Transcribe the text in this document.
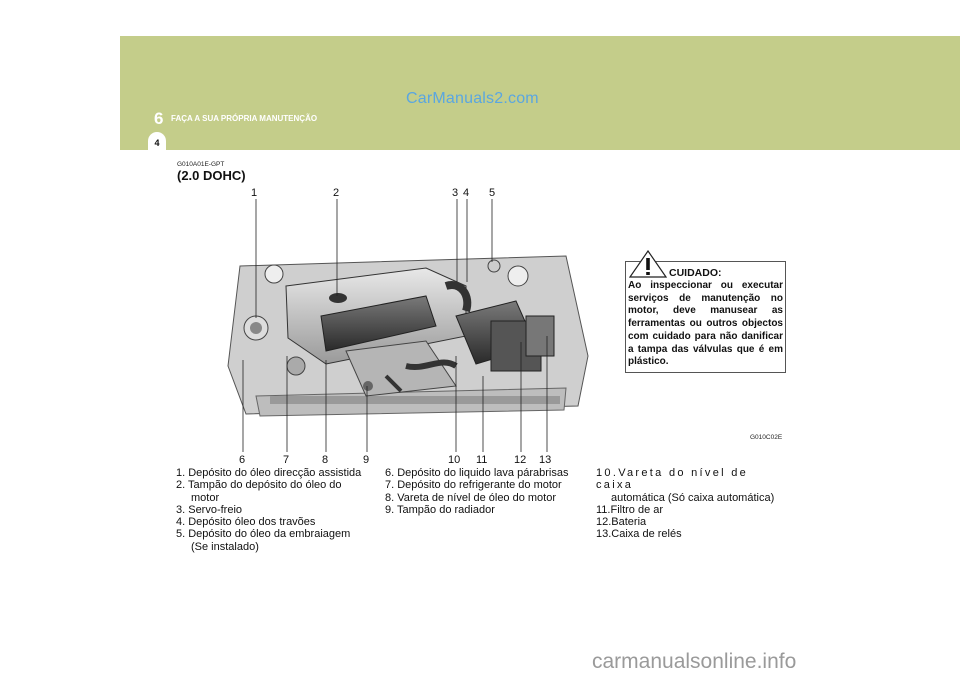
6 FAÇA A SUA PRÓPRIA MANUTENÇÃO
CarManuals2.com
4
G010A01E-GPT
(2.0 DOHC)
1	2	3 4 5
6	7	8	9	10 11 12 13
CUIDADO:
Ao inspeccionar ou executar serviços de manutenção no motor, deve manusear as ferramentas ou outros objectos com cuidado para não danificar a tampa das válvulas que é em plástico.
G010C02E
1. Depósito do óleo direcção assistida
2. Tampão do depósito do óleo do
motor
3. Servo-freio
4. Depósito óleo dos travões
5. Depósito do óleo da embraiagem
(Se instalado)
6. Depósito do liquido lava párabrisas
7. Depósito do refrigerante do motor
8. Vareta de nível de óleo do motor
9. Tampão do radiador
10.Vareta do nível de caixa
automática (Só caixa automática)
11.Filtro de ar
12.Bateria
13.Caixa de relés
carmanualsonline.info
